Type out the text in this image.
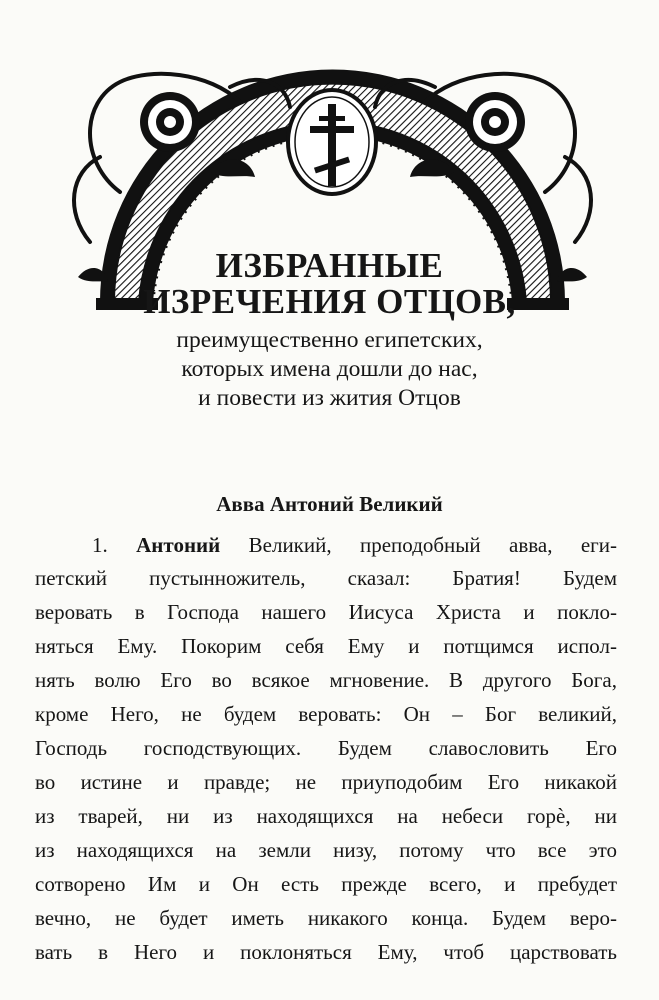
ИЗБРАННЫЕ
ИЗРЕЧЕНИЯ ОТЦОВ,

преимущественно египетских,

которых имена дошли до нас,

и повести из жития Отцов

Авва Антоний Великий
1. Антоний Великий, преподобный авва, еги-
петский пустынножитель, сказал: Братия! Будем
веровать в Господа нашего Иисуса Христа и покло-
няться Ему. Покорим себя Ему и потщимся испол-
нять волю Его во всякое мгновение. В другого Бога,
кроме Него, не будем веровать: Он – Бог великий,
Господь господствующих. Будем славословить Его
во истине и правде; не приуподобим Его никакой
из тварей, ни из находящихся на небеси горѐ, ни
из находящихся на земли низу, потому что все это
сотворено Им и Он есть прежде всего, и пребудет
вечно, не будет иметь никакого конца. Будем веро-
вать в Него и поклоняться Ему, чтоб царствовать
